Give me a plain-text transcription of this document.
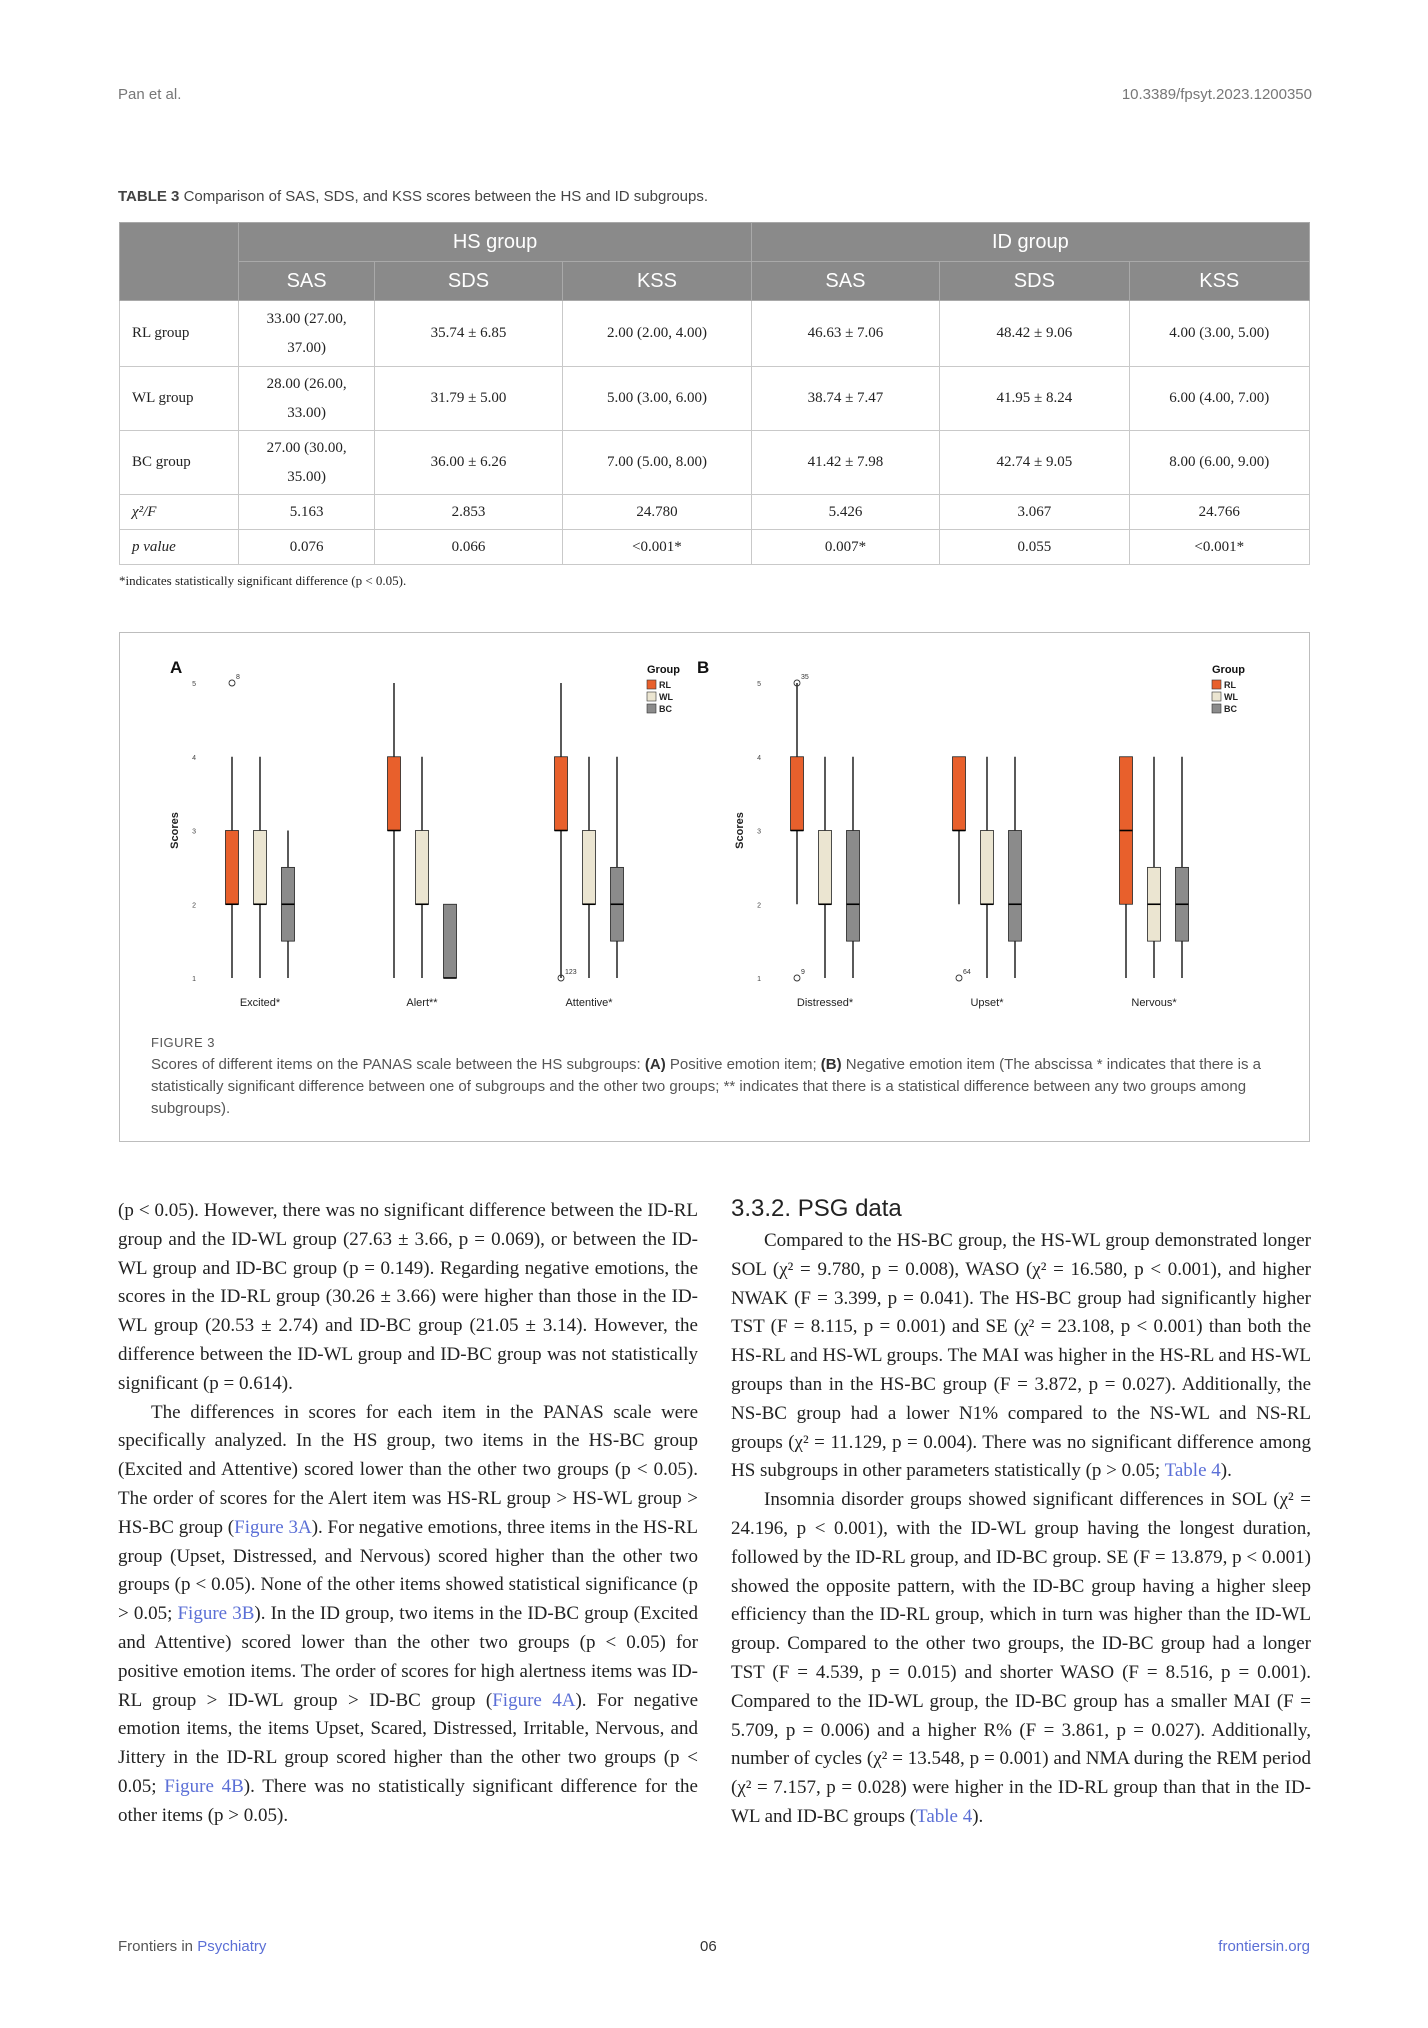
Pan et al.	10.3389/fpsyt.2023.1200350
TABLE 3 Comparison of SAS, SDS, and KSS scores between the HS and ID subgroups.
	HS group			ID group		
	SAS	SDS	KSS	SAS	SDS	KSS
RL group	33.00 (27.00, 37.00)	35.74 ± 6.85	2.00 (2.00, 4.00)	46.63 ± 7.06	48.42 ± 9.06	4.00 (3.00, 5.00)
WL group	28.00 (26.00, 33.00)	31.79 ± 5.00	5.00 (3.00, 6.00)	38.74 ± 7.47	41.95 ± 8.24	6.00 (4.00, 7.00)
BC group	27.00 (30.00, 35.00)	36.00 ± 6.26	7.00 (5.00, 8.00)	41.42 ± 7.98	42.74 ± 9.05	8.00 (6.00, 9.00)
χ²/F	5.163	2.853	24.780	5.426	3.067	24.766
p value	0.076	0.066	<0.001*	0.007*	0.055	<0.001*
*indicates statistically significant difference (p < 0.05).
A
Scores
1
2
3
4
5
Excited*	Alert**	Attentive*
8
123
Group
RL
WL
BC
B
Scores
1
2
3
4
5
Distressed*	Upset*	Nervous*
35
9	64
Group
RL
WL
BC
FIGURE 3
Scores of different items on the PANAS scale between the HS subgroups: (A) Positive emotion item; (B) Negative emotion item (The abscissa * indicates that there is a statistically significant difference between one of subgroups and the other two groups; ** indicates that there is a statistical difference between any two groups among subgroups).

(p < 0.05). However, there was no significant difference between the ID-RL group and the ID-WL group (27.63 ± 3.66, p = 0.069), or between the ID-WL group and ID-BC group (p = 0.149). Regarding negative emotions, the scores in the ID-RL group (30.26 ± 3.66) were higher than those in the ID-WL group (20.53 ± 2.74) and ID-BC group (21.05 ± 3.14). However, the difference between the ID-WL group and ID-BC group was not statistically significant (p = 0.614).

The differences in scores for each item in the PANAS scale were specifically analyzed. In the HS group, two items in the HS-BC group (Excited and Attentive) scored lower than the other two groups (p < 0.05). The order of scores for the Alert item was HS-RL group > HS-WL group > HS-BC group (Figure 3A). For negative emotions, three items in the HS-RL group (Upset, Distressed, and Nervous) scored higher than the other two groups (p < 0.05). None of the other items showed statistical significance (p > 0.05; Figure 3B). In the ID group, two items in the ID-BC group (Excited and Attentive) scored lower than the other two groups (p < 0.05) for positive emotion items. The order of scores for high alertness items was ID-RL group > ID-WL group > ID-BC group (Figure 4A). For negative emotion items, the items Upset, Scared, Distressed, Irritable, Nervous, and Jittery in the ID-RL group scored higher than the other two groups (p < 0.05; Figure 4B). There was no statistically significant difference for the other items (p > 0.05).

3.3.2. PSG data

Compared to the HS-BC group, the HS-WL group demonstrated longer SOL (χ² = 9.780, p = 0.008), WASO (χ² = 16.580, p < 0.001), and higher NWAK (F = 3.399, p = 0.041). The HS-BC group had significantly higher TST (F = 8.115, p = 0.001) and SE (χ² = 23.108, p < 0.001) than both the HS-RL and HS-WL groups. The MAI was higher in the HS-RL and HS-WL groups than in the HS-BC group (F = 3.872, p = 0.027). Additionally, the NS-BC group had a lower N1% compared to the NS-WL and NS-RL groups (χ² = 11.129, p = 0.004). There was no significant difference among HS subgroups in other parameters statistically (p > 0.05; Table 4).

Insomnia disorder groups showed significant differences in SOL (χ² = 24.196, p < 0.001), with the ID-WL group having the longest duration, followed by the ID-RL group, and ID-BC group. SE (F = 13.879, p < 0.001) showed the opposite pattern, with the ID-BC group having a higher sleep efficiency than the ID-RL group, which in turn was higher than the ID-WL group. Compared to the other two groups, the ID-BC group had a longer TST (F = 4.539, p = 0.015) and shorter WASO (F = 8.516, p = 0.001). Compared to the ID-WL group, the ID-BC group has a smaller MAI (F = 5.709, p = 0.006) and a higher R% (F = 3.861, p = 0.027). Additionally, number of cycles (χ² = 13.548, p = 0.001) and NMA during the REM period (χ² = 7.157, p = 0.028) were higher in the ID-RL group than that in the ID-WL and ID-BC groups (Table 4).

Frontiers in Psychiatry	06	frontiersin.org
